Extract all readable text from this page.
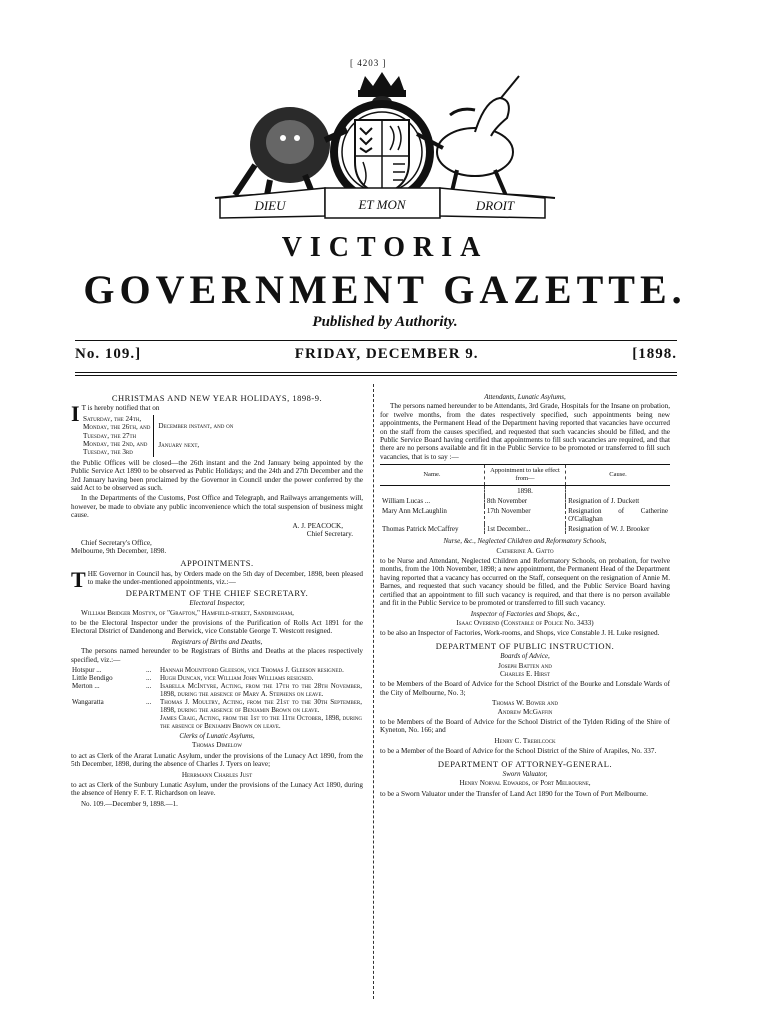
[ 4203 ]
DIEU	ET MON	DROIT
VICTORIA
GOVERNMENT GAZETTE.
Published by Authority.
No. 109.]	FRIDAY, DECEMBER 9.	[1898.

CHRISTMAS AND NEW YEAR HOLIDAYS, 1898-9.

I T is hereby notified that on

Saturday, the 24th,
Monday, the 26th, and
Tuesday, the 27th
Monday, the 2nd, and
Tuesday, the 3rd
December instant, and on
January next,

the Public Offices will be closed—the 26th instant and the 2nd January being appointed by the Public Service Act 1890 to be observed as Public Holidays; and the 24th and 27th December and the 3rd January having been proclaimed by the Governor in Council under the power conferred by the said Act to be observed as such.

In the Departments of the Customs, Post Office and Telegraph, and Railways arrangements will, however, be made to obviate any public inconvenience which the total suspension of business might cause.

A. J. PEACOCK,

Chief Secretary.

Chief Secretary's Office,

Melbourne, 9th December, 1898.

APPOINTMENTS.

THE Governor in Council has, by Orders made on the 5th day of December, 1898, been pleased to make the under-mentioned appointments, viz.:—

DEPARTMENT OF THE CHIEF SECRETARY.

Electoral Inspector,

William Bridger Mostyn, of "Grafton," Hamfield-street, Sandringham,

to be the Electoral Inspector under the provisions of the Purification of Rolls Act 1891 for the Electoral District of Dandenong and Berwick, vice Constable George T. Westcott resigned.

Registrars of Births and Deaths,

The persons named hereunder to be Registrars of Births and Deaths at the places respectively specified, viz.:—

Hotspur ...	...	Hannah Mountford Gleeson, vice Thomas J. Gleeson resigned.
Little Bendigo	...	Hugh Duncan, vice William John Williams resigned.
Merton ...	...	Isabella McIntyre, Acting, from the 17th to the 28th November, 1898, during the absence of Mary A. Stephens on leave.
Wangaratta	...	Thomas J. Moultry, Acting, from the 21st to the 30th September, 1898, during the absence of Benjamin Brown on leave.
		James Craig, Acting, from the 1st to the 11th October, 1898, during the absence of Benjamin Brown on leave.

Clerks of Lunatic Asylums,

Thomas Dimelow

to act as Clerk of the Ararat Lunatic Asylum, under the provisions of the Lunacy Act 1890, from the 5th December, 1898, during the absence of Charles J. Tyers on leave;

Herrmann Charles Just

to act as Clerk of the Sunbury Lunatic Asylum, under the provisions of the Lunacy Act 1890, during the absence of Henry F. F. T. Richardson on leave.

No. 109.—December 9, 1898.—1.

Attendants, Lunatic Asylums,

The persons named hereunder to be Attendants, 3rd Grade, Hospitals for the Insane on probation, for twelve months, from the dates respectively specified, such appointments being new appointments, the Permanent Head of the Department having reported that vacancies have occurred on the staff from the causes specified, and requested that such vacancies should be filled, and the Public Service Board having certified that appointments to fill such vacancies are required, and that there are no persons available and fit in the Public Service to be promoted or transferred to fill such vacancies, that is to say :—

Name.	Appointment to take effect from—	Cause.
	1898.	
William Lucas ...	8th November	Resignation of J. Duckett
Mary Ann McLaughlin	17th November	Resignation of Catherine O'Callaghan
Thomas Patrick McCaffrey	1st December...	Resignation of W. J. Brooker

Nurse, &c., Neglected Children and Reformatory Schools,

Catherine A. Gatto

to be Nurse and Attendant, Neglected Children and Reformatory Schools, on probation, for twelve months, from the 10th November, 1898; a new appointment, the Permanent Head of the Department having reported that a vacancy has occurred on the Staff, consequent on the resignation of Annie M. Barnes, and requested that such vacancy should be filled, and the Public Service Board having certified that an appointment to fill such vacancy is required, and that there is no person available and fit in the Public Service to be promoted or transferred to fill such vacancy.

Inspector of Factories and Shops, &c.,

Isaac Overend (Constable of Police No. 3433)

to be also an Inspector of Factories, Work-rooms, and Shops, vice Constable J. H. Luke resigned.

DEPARTMENT OF PUBLIC INSTRUCTION.

Boards of Advice,

Joseph Batten and

Charles E. Hirst

to be Members of the Board of Advice for the School District of the Bourke and Lonsdale Wards of the City of Melbourne, No. 3;

Thomas W. Bower and

Andrew McGaffin

to be Members of the Board of Advice for the School District of the Tylden Riding of the Shire of Kyneton, No. 166; and

Henry C. Trebilcock

to be a Member of the Board of Advice for the School District of the Shire of Arapiles, No. 337.

DEPARTMENT OF ATTORNEY-GENERAL.

Sworn Valuator,

Henry Norval Edwards, of Port Melbourne,

to be a Sworn Valuator under the Transfer of Land Act 1890 for the Town of Port Melbourne.
